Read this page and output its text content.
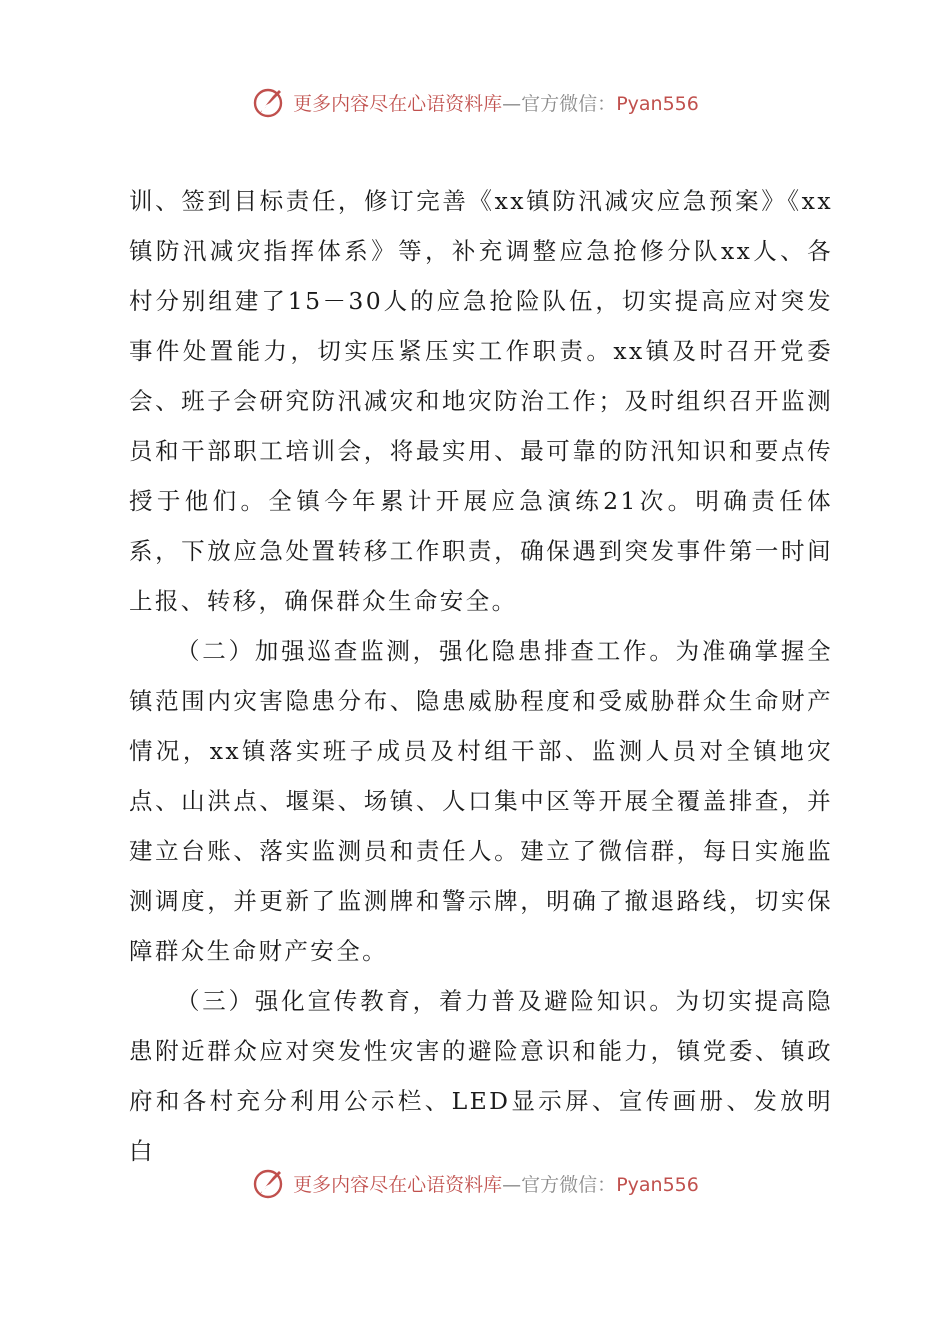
更多内容尽在心语资料库—官方微信：Pyan556

训、签到目标责任，修订完善《xx镇防汛减灾应急预案》《xx镇防汛减灾指挥体系》等，补充调整应急抢修分队xx人、各村分别组建了15－30人的应急抢险队伍，切实提高应对突发事件处置能力，切实压紧压实工作职责。xx镇及时召开党委会、班子会研究防汛减灾和地灾防治工作；及时组织召开监测员和干部职工培训会，将最实用、最可靠的防汛知识和要点传授于他们。全镇今年累计开展应急演练21次。明确责任体系，下放应急处置转移工作职责，确保遇到突发事件第一时间上报、转移，确保群众生命安全。

（二）加强巡查监测，强化隐患排查工作。为准确掌握全镇范围内灾害隐患分布、隐患威胁程度和受威胁群众生命财产情况，xx镇落实班子成员及村组干部、监测人员对全镇地灾点、山洪点、堰渠、场镇、人口集中区等开展全覆盖排查，并建立台账、落实监测员和责任人。建立了微信群，每日实施监测调度，并更新了监测牌和警示牌，明确了撤退路线，切实保障群众生命财产安全。

（三）强化宣传教育，着力普及避险知识。为切实提高隐患附近群众应对突发性灾害的避险意识和能力，镇党委、镇政府和各村充分利用公示栏、LED显示屏、宣传画册、发放明白

更多内容尽在心语资料库—官方微信：Pyan556
